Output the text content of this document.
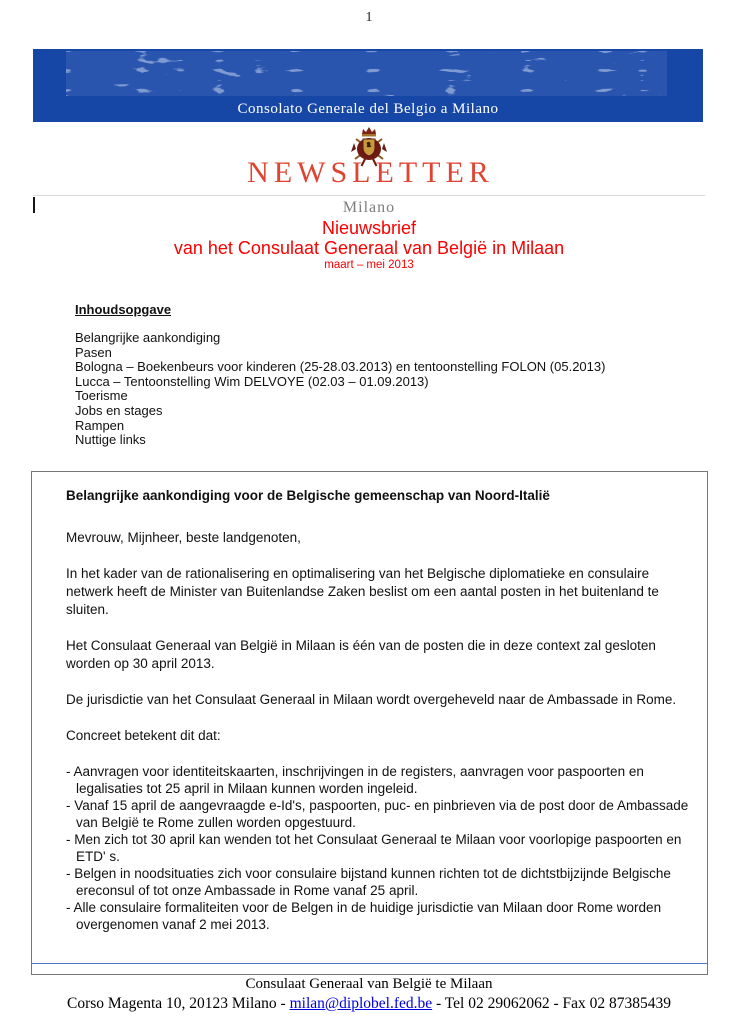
1
Consolato Generale del Belgio a Milano
NEWSLETTER
Milano
Nieuwsbrief
van het Consulaat Generaal van België in Milaan
maart – mei 2013
Inhoudsopgave
Belangrijke aankondiging
Pasen
Bologna – Boekenbeurs voor kinderen (25-28.03.2013) en tentoonstelling FOLON (05.2013)
Lucca – Tentoonstelling Wim DELVOYE (02.03 – 01.09.2013)
Toerisme
Jobs en stages
Rampen
Nuttige links
Belangrijke aankondiging voor de Belgische gemeenschap van Noord-Italië

Mevrouw, Mijnheer, beste landgenoten,

In het kader van de rationalisering en optimalisering van het Belgische diplomatieke en consulaire netwerk heeft de Minister van Buitenlandse Zaken beslist om een aantal posten in het buitenland te sluiten.

Het Consulaat Generaal van België in Milaan is één van de posten die in deze context zal gesloten worden op 30 april 2013.

De jurisdictie van het Consulaat Generaal in Milaan wordt overgeheveld naar de Ambassade in Rome.

Concreet betekent dit dat:

- Aanvragen voor identiteitskaarten, inschrijvingen in de registers, aanvragen voor paspoorten en legalisaties tot 25 april in Milaan kunnen worden ingeleid.
- Vanaf 15 april de aangevraagde e-Id's, paspoorten, puc- en pinbrieven via de post door de Ambassade van België te Rome zullen worden opgestuurd.
- Men zich tot 30 april kan wenden tot het Consulaat Generaal te Milaan voor voorlopige paspoorten en ETD' s.
- Belgen in noodsituaties zich voor consulaire bijstand kunnen richten tot de dichtstbijzijnde Belgische ereconsul of tot onze Ambassade in Rome vanaf 25 april.
- Alle consulaire formaliteiten voor de Belgen in de huidige jurisdictie van Milaan door Rome worden overgenomen vanaf 2 mei 2013.
Consulaat Generaal van België te Milaan
Corso Magenta 10, 20123 Milano - milan@diplobel.fed.be - Tel 02 29062062 - Fax 02 87385439
